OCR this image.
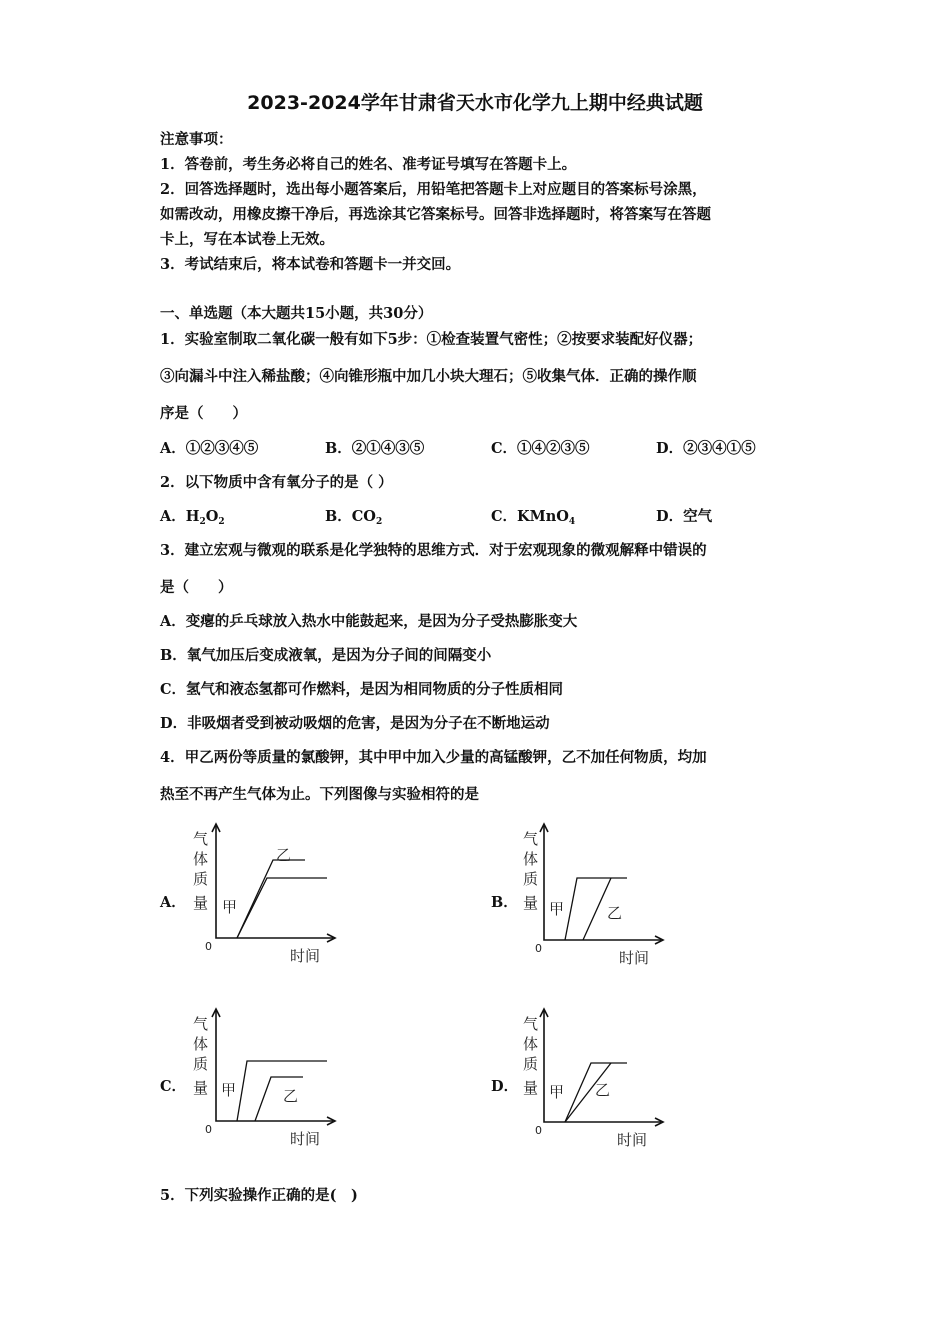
2023-2024学年甘肃省天水市化学九上期中经典试题
注意事项：
1．答卷前，考生务必将自己的姓名、准考证号填写在答题卡上。
2．回答选择题时，选出每小题答案后，用铅笔把答题卡上对应题目的答案标号涂黑，
如需改动，用橡皮擦干净后，再选涂其它答案标号。回答非选择题时，将答案写在答题
卡上，写在本试卷上无效。
3．考试结束后，将本试卷和答题卡一并交回。
一、单选题（本大题共15小题，共30分）
1．实验室制取二氧化碳一般有如下5步：①检查装置气密性；②按要求装配好仪器；
③向漏斗中注入稀盐酸；④向锥形瓶中加几小块大理石；⑤收集气体．正确的操作顺
序是（　　）
A．①②③④⑤	B．②①④③⑤	C．①④②③⑤	D．②③④①⑤
2．以下物质中含有氧分子的是（ ）
A．$H_2O_2$	B．$CO_2$	C．KMnO$_4$	D．空气
3．建立宏观与微观的联系是化学独特的思维方式．对于宏观现象的微观解释中错误的
是（　　）
A．变瘪的乒乓球放入热水中能鼓起来，是因为分子受热膨胀变大
B．氧气加压后变成液氧，是因为分子间的间隔变小
C．氢气和液态氢都可作燃料，是因为相同物质的分子性质相同
D．非吸烟者受到被动吸烟的危害，是因为分子在不断地运动
4．甲乙两份等质量的氯酸钾，其中甲中加入少量的高锰酸钾，乙不加任何物质，均加
热至不再产生气体为止。下列图像与实验相符的是
A．	B．
C．	D．
气
体
质
量
乙
甲
0
时间
气
体
质
量 甲	乙
0
时间
气
体
质
量 甲	乙
0
时间
气
体
质
量 甲 乙
0
时间
5．下列实验操作正确的是(　)
